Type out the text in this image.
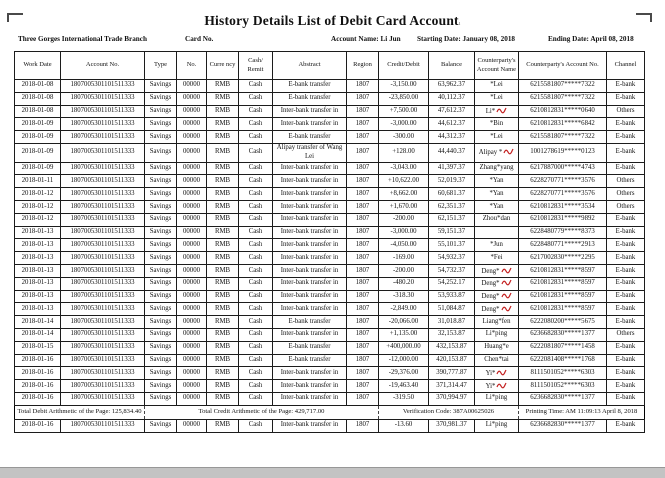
History Details List of Debit Card Accountı
Three Gorges International Trade Branch	Card No.	Account Name: Li Jun Starting Date: January 08, 2018	Ending Date: April 08, 2018
Work Date	Account No.	Type	No.	Curre ncy	Cash/ Remit	Abstract	Region	Credit/Debit	Balance	Counterparty's Account Name	Counterparty's Account No.	Channel
2018-01-08	1807005301101511333	Savings	00000	RMB	Cash	E-bank transfer	1807	-3,150.00	63,962.37	*Lei	6215581807*****7322	E-bank
2018-01-08	1807005301101511333	Savings	00000	RMB	Cash	E-bank transfer	1807	-23,850.00	40,112.37	*Lei	6215581807*****7322	E-bank
2018-01-08	1807005301101511333	Savings	00000	RMB	Cash	Inter-bank transfer in	1807	+7,500.00	47,612.37	Li*	6210812831*****0640	Others
2018-01-09	1807005301101511333	Savings	00000	RMB	Cash	Inter-bank transfer in	1807	-3,000.00	44,612.37	*Bin	6210812831*****6842	E-bank
2018-01-09	1807005301101511333	Savings	00000	RMB	Cash	E-bank transfer	1807	-300.00	44,312.37	*Lei	6215581807*****7322	E-bank
2018-01-09	1807005301101511333	Savings	00000	RMB	Cash	Alipay transfer of Wang Lei	1807	+128.00	44,440.37	Alipay *	1001278619*****0123	E-bank
2018-01-09	1807005301101511333	Savings	00000	RMB	Cash	Inter-bank transfer in	1807	-3,043.00	41,397.37	Zhang*yang	6217887000*****4743	E-bank
2018-01-11	1807005301101511333	Savings	00000	RMB	Cash	Inter-bank transfer in	1807	+10,622.00	52,019.37	*Yan	6228270771*****3576	Others
2018-01-12	1807005301101511333	Savings	00000	RMB	Cash	Inter-bank transfer in	1807	+8,662.00	60,681.37	*Yan	6228270771*****3576	Others
2018-01-12	1807005301101511333	Savings	00000	RMB	Cash	Inter-bank transfer in	1807	+1,670.00	62,351.37	*Yan	6210812831*****3534	Others
2018-01-12	1807005301101511333	Savings	00000	RMB	Cash	Inter-bank transfer in	1807	-200.00	62,151.37	Zhou*dan	6210812831*****9892	E-bank
2018-01-13	1807005301101511333	Savings	00000	RMB	Cash	Inter-bank transfer in	1807	-3,000.00	59,151.37		6228480779*****8373	E-bank
2018-01-13	1807005301101511333	Savings	00000	RMB	Cash	Inter-bank transfer in	1807	-4,050.00	55,101.37	*Jun	6228480771*****2913	E-bank
2018-01-13	1807005301101511333	Savings	00000	RMB	Cash	Inter-bank transfer in	1807	-169.00	54,932.37	*Fei	6217002830*****2295	E-bank
2018-01-13	1807005301101511333	Savings	00000	RMB	Cash	Inter-bank transfer in	1807	-200.00	54,732.37	Deng*	6210812831*****8597	E-bank
2018-01-13	1807005301101511333	Savings	00000	RMB	Cash	Inter-bank transfer in	1807	-480.20	54,252.17	Deng*	6210812831*****8597	E-bank
2018-01-13	1807005301101511333	Savings	00000	RMB	Cash	Inter-bank transfer in	1807	-318.30	53,933.87	Deng*	6210812831*****8597	E-bank
2018-01-13	1807005301101511333	Savings	00000	RMB	Cash	Inter-bank transfer in	1807	-2,849.00	51,084.87	Deng*	6210812831*****8597	E-bank
2018-01-14	1807005301101511333	Savings	00000	RMB	Cash	E-bank transfer	1807	-20,066.00	31,018.87	Liang*fen	6222080200*****5675	E-bank
2018-01-14	1807005301101511333	Savings	00000	RMB	Cash	Inter-bank transfer in	1807	+1,135.00	32,153.87	Li*ping	6236682830*****1377	Others
2018-01-15	1807005301101511333	Savings	00000	RMB	Cash	E-bank transfer	1807	+400,000.00	432,153.87	Huang*e	6222081807*****1458	E-bank
2018-01-16	1807005301101511333	Savings	00000	RMB	Cash	E-bank transfer	1807	-12,000.00	420,153.87	Chen*tai	6222081408*****1768	E-bank
2018-01-16	1807005301101511333	Savings	00000	RMB	Cash	Inter-bank transfer in	1807	-29,376.00	390,777.87	Yi*	8111501052*****6303	E-bank
2018-01-16	1807005301101511333	Savings	00000	RMB	Cash	Inter-bank transfer in	1807	-19,463.40	371,314.47	Yi*	8111501052*****6303	E-bank
2018-01-16	1807005301101511333	Savings	00000	RMB	Cash	Inter-bank transfer in	1807	-319.50	370,994.97	Li*ping	6236682830*****1377	E-bank
Total Debit Arithmetic of the Page: 125,834.40		Total Credit Arithmetic of the Page: 429,717.00						Verification Code: 387A00625026			Printing Time: AM 11:09:13 April 8, 2018	
2018-01-16	1807005301101511333	Savings	00000	RMB	Cash	Inter-bank transfer in	1807	-13.60	370,981.37	Li*ping	6236682830*****1377	E-bank
